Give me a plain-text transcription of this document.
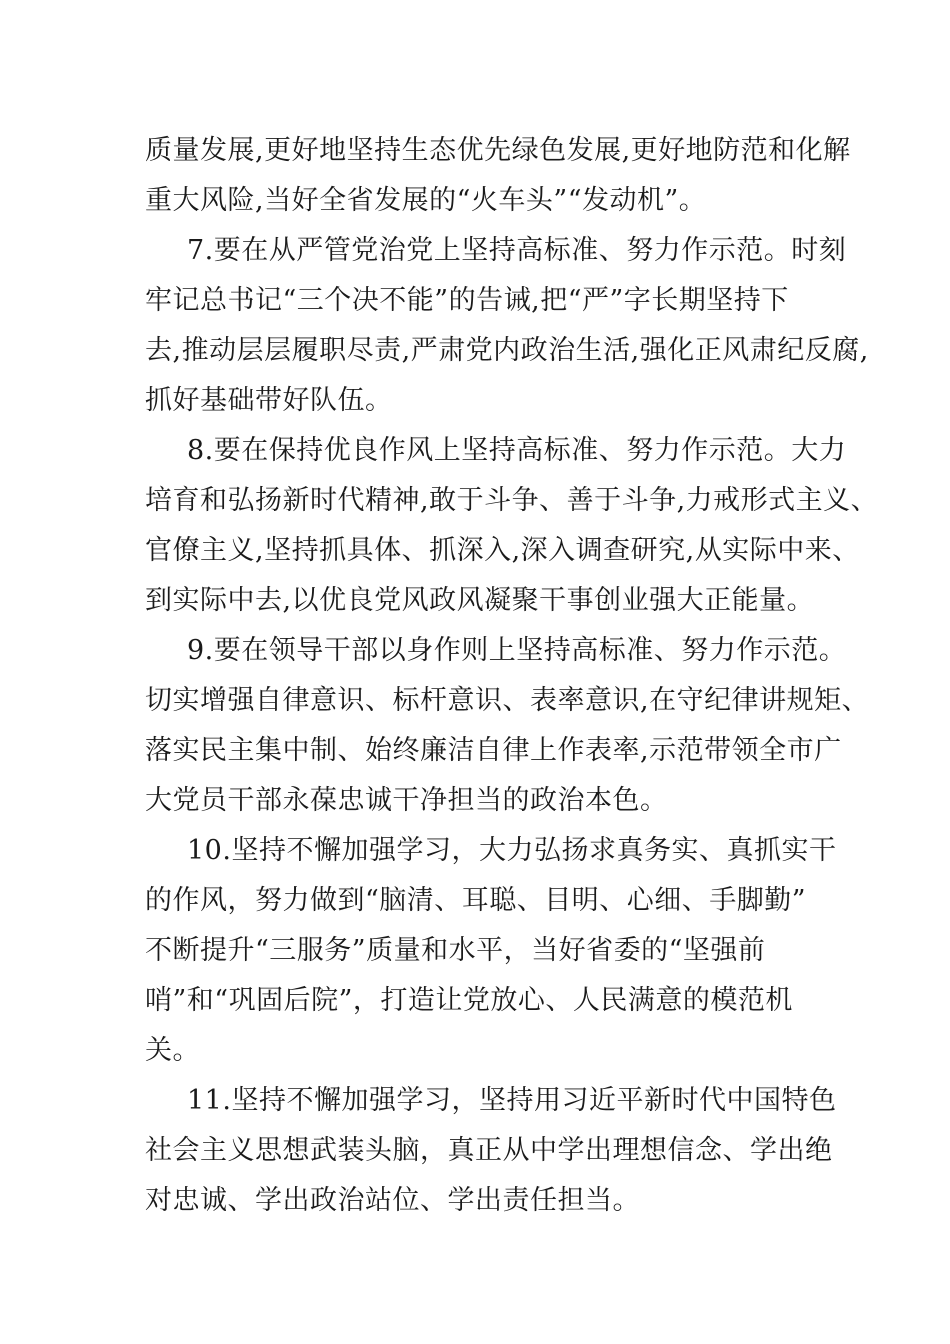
质量发展,更好地坚持生态优先绿色发展,更好地防范和化解
重大风险,当好全省发展的“火车头”“发动机”。
7.要在从严管党治党上坚持高标准、努力作示范。时刻
牢记总书记“三个决不能”的告诫,把“严”字长期坚持下
去,推动层层履职尽责,严肃党内政治生活,强化正风肃纪反腐,
抓好基础带好队伍。
8.要在保持优良作风上坚持高标准、努力作示范。大力
培育和弘扬新时代精神,敢于斗争、善于斗争,力戒形式主义、
官僚主义,坚持抓具体、抓深入,深入调查研究,从实际中来、
到实际中去,以优良党风政风凝聚干事创业强大正能量。
9.要在领导干部以身作则上坚持高标准、努力作示范。
切实增强自律意识、标杆意识、表率意识,在守纪律讲规矩、
落实民主集中制、始终廉洁自律上作表率,示范带领全市广
大党员干部永葆忠诚干净担当的政治本色。
10.坚持不懈加强学习，大力弘扬求真务实、真抓实干
的作风，努力做到“脑清、耳聪、目明、心细、手脚勤”
不断提升“三服务”质量和水平，当好省委的“坚强前
哨”和“巩固后院”，打造让党放心、人民满意的模范机
关。
11.坚持不懈加强学习，坚持用习近平新时代中国特色
社会主义思想武装头脑，真正从中学出理想信念、学出绝
对忠诚、学出政治站位、学出责任担当。
